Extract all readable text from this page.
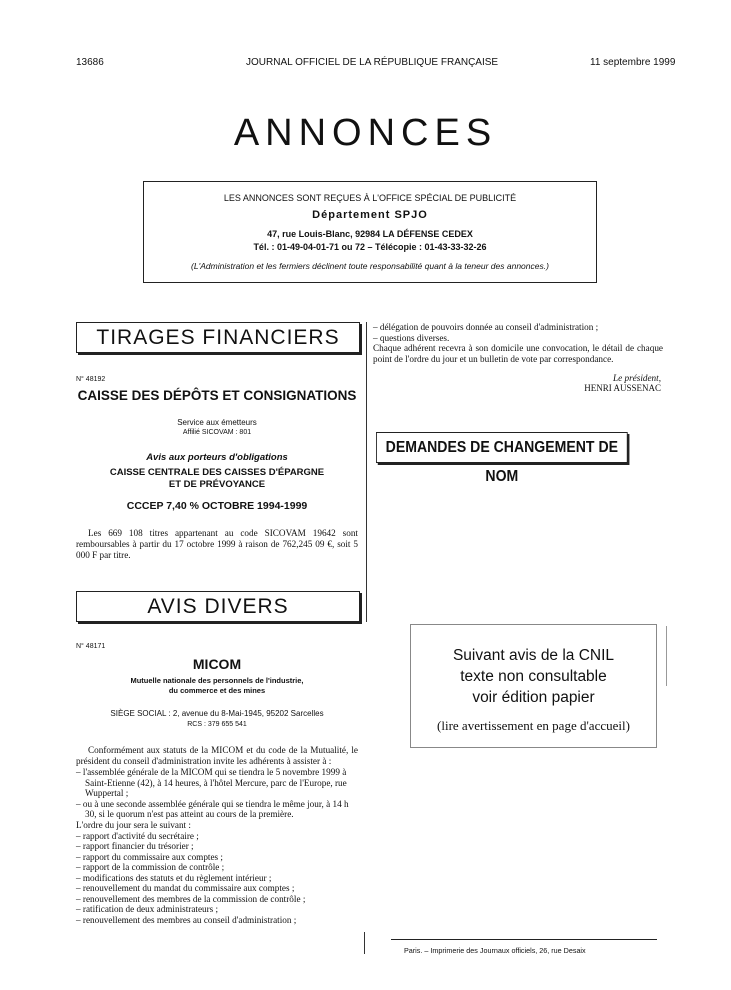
13686	JOURNAL OFFICIEL DE LA RÉPUBLIQUE FRANÇAISE	11 septembre 1999
ANNONCES
LES ANNONCES SONT REÇUES À L'OFFICE SPÉCIAL DE PUBLICITÉ
Département SPJO
47, rue Louis-Blanc, 92984 LA DÉFENSE CEDEX
Tél. : 01-49-04-01-71 ou 72 – Télécopie : 01-43-33-32-26
(L'Administration et les fermiers déclinent toute responsabilité quant à la teneur des annonces.)
TIRAGES FINANCIERS
N° 48192
CAISSE DES DÉPÔTS ET CONSIGNATIONS
Service aux émetteurs
Affilié SICOVAM : 801
Avis aux porteurs d'obligations
CAISSE CENTRALE DES CAISSES D'ÉPARGNE
ET DE PRÉVOYANCE
CCCEP 7,40 % OCTOBRE 1994-1999
Les 669 108 titres appartenant au code SICOVAM 19642 sont remboursables à partir du 17 octobre 1999 à raison de 762,245 09 €, soit 5 000 F par titre.
AVIS DIVERS
N° 48171
MICOM
Mutuelle nationale des personnels de l'industrie,
du commerce et des mines
SIÈGE SOCIAL : 2, avenue du 8-Mai-1945, 95202 Sarcelles
RCS : 379 655 541
Conformément aux statuts de la MICOM et du code de la Mutualité, le président du conseil d'administration invite les adhérents à assister à :
– l'assemblée générale de la MICOM qui se tiendra le 5 novembre 1999 à Saint-Etienne (42), à 14 heures, à l'hôtel Mercure, parc de l'Europe, rue Wuppertal ;
– ou à une seconde assemblée générale qui se tiendra le même jour, à 14 h 30, si le quorum n'est pas atteint au cours de la première.
L'ordre du jour sera le suivant :
– rapport d'activité du secrétaire ;
– rapport financier du trésorier ;
– rapport du commissaire aux comptes ;
– rapport de la commission de contrôle ;
– modifications des statuts et du règlement intérieur ;
– renouvellement du mandat du commissaire aux comptes ;
– renouvellement des membres de la commission de contrôle ;
– ratification de deux administrateurs ;
– renouvellement des membres au conseil d'administration ;
– délégation de pouvoirs donnée au conseil d'administration ;
– questions diverses.
Chaque adhérent recevra à son domicile une convocation, le détail de chaque point de l'ordre du jour et un bulletin de vote par correspondance.
Le président,
HENRI AUSSENAC
DEMANDES DE CHANGEMENT DE NOM
Suivant avis de la CNIL
texte non consultable
voir édition papier
(lire avertissement en page d'accueil)
Paris. – Imprimerie des Journaux officiels, 26, rue Desaix
